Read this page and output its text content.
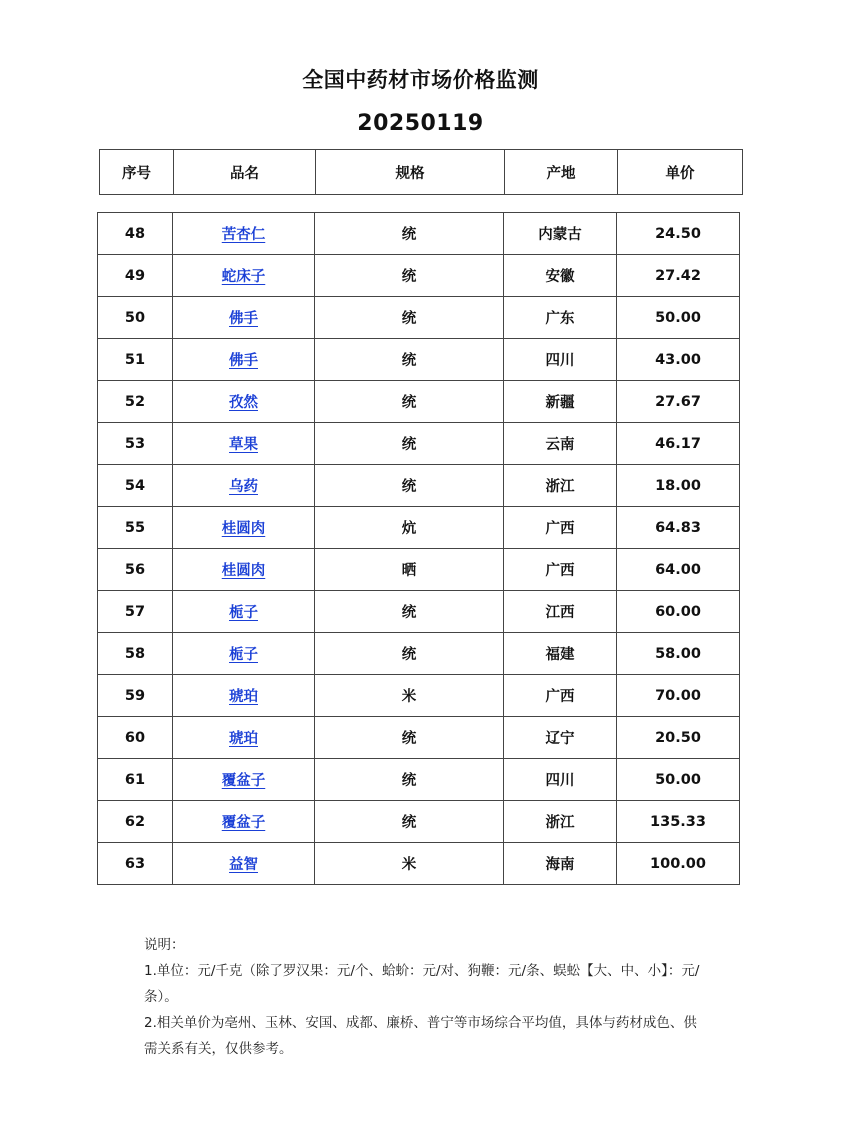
全国中药材市场价格监测
20250119
序号	品名	规格	产地	单价
48	苦杏仁	统	内蒙古	24.50
49	蛇床子	统	安徽	27.42
50	佛手	统	广东	50.00
51	佛手	统	四川	43.00
52	孜然	统	新疆	27.67
53	草果	统	云南	46.17
54	乌药	统	浙江	18.00
55	桂圆肉	炕	广西	64.83
56	桂圆肉	晒	广西	64.00
57	栀子	统	江西	60.00
58	栀子	统	福建	58.00
59	琥珀	米	广西	70.00
60	琥珀	统	辽宁	20.50
61	覆盆子	统	四川	50.00
62	覆盆子	统	浙江	135.33
63	益智	米	海南	100.00

说明：

1.单位：元/千克（除了罗汉果：元/个、蛤蚧：元/对、狗鞭：元/条、蜈蚣【大、中、小】：元/条）。

2.相关单价为亳州、玉林、安国、成都、廉桥、普宁等市场综合平均值，具体与药材成色、供需关系有关，仅供参考。
